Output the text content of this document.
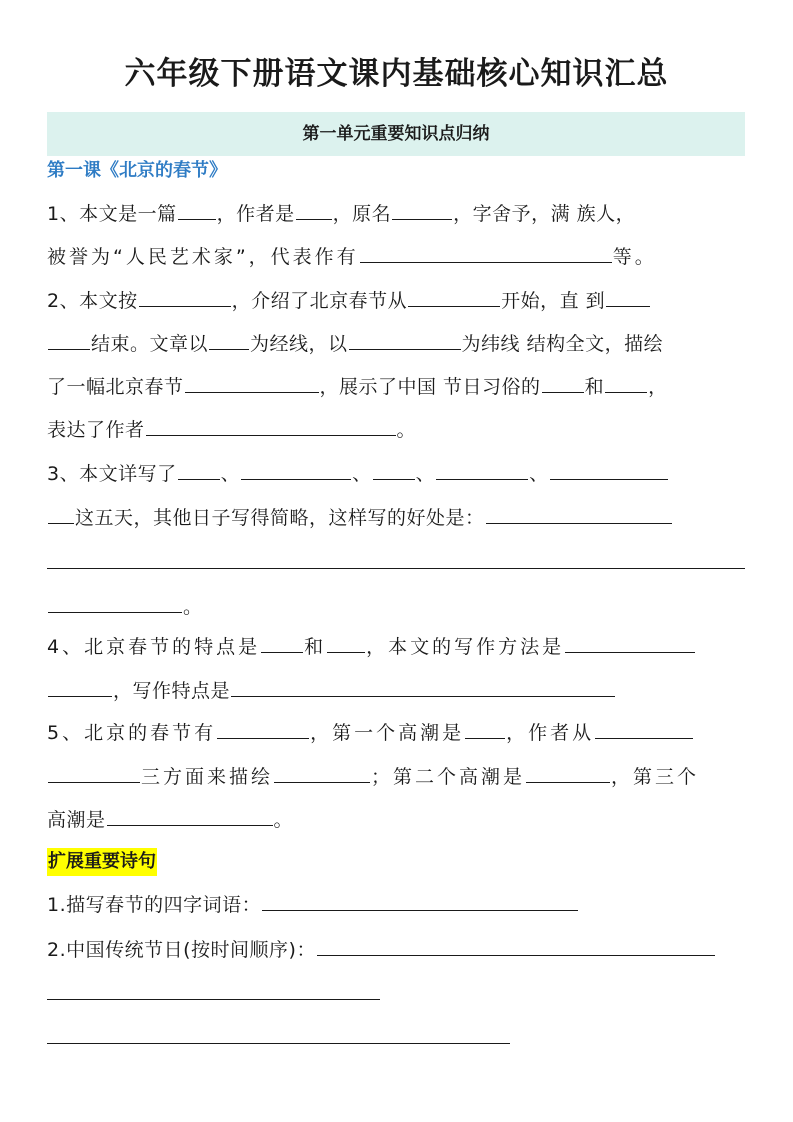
六年级下册语文课内基础核心知识汇总
第一单元重要知识点归纳
第一课《北京的春节》
1、本文是一篇 ，作者是 ，原名	，字舍予，满 族人，
被誉为“人民艺术家”，代表作有	等。
2、本文按	，介绍了北京春节从	开始，直 到
结束。文章以 为经线，以	为纬线 结构全文，描绘
了一幅北京春节	，展示了中国 节日习俗的 和 ，
表达了作者	。
3、本文详写了 、	、 、	、
这五天，其他日子写得简略，这样写的好处是：
。
4、北京春节的特点是 和 ，本文的写作方法是
，写作特点是
5、北京的春节有	，第一个高潮是 ，作者从
三方面来描绘	；第二个高潮是	，第三个
高潮是	。
扩展重要诗句
1.描写春节的四字词语：
2.中国传统节日(按时间顺序)：
